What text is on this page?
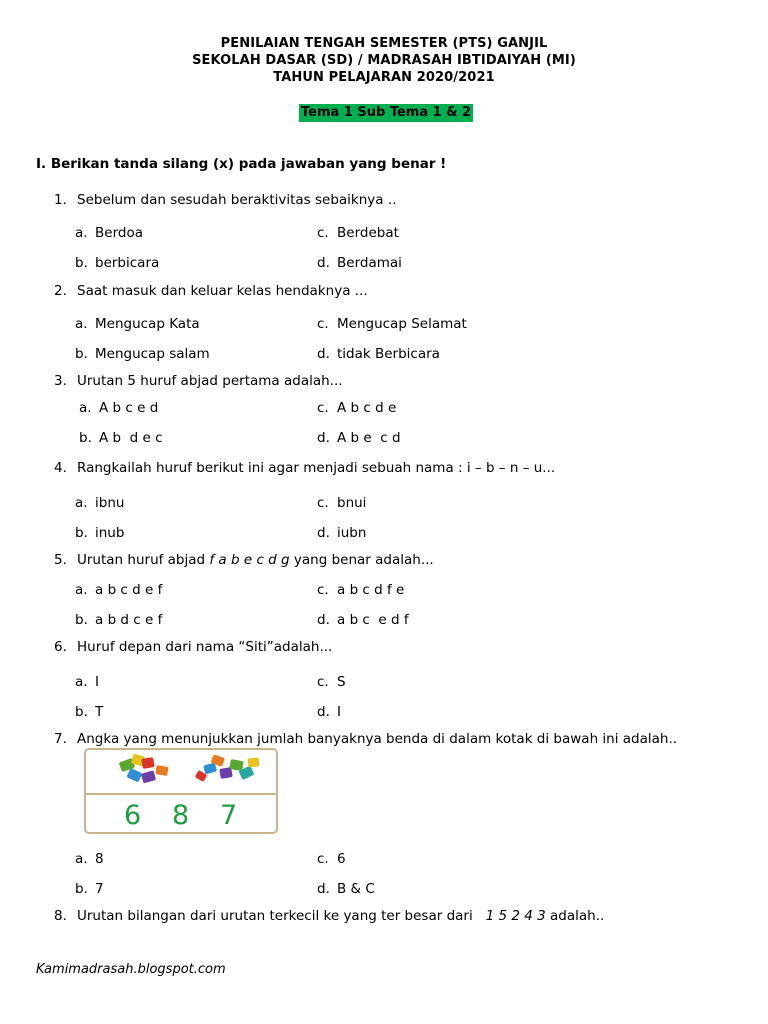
PENILAIAN TENGAH SEMESTER (PTS) GANJIL
SEKOLAH DASAR (SD) / MADRASAH IBTIDAIYAH (MI)
TAHUN PELAJARAN 2020/2021
Tema 1 Sub Tema 1 & 2
I. Berikan tanda silang (x) pada jawaban yang benar !
1. Sebelum dan sesudah beraktivitas sebaiknya ..
a. Berdoa	c. Berdebat
b. berbicara	d. Berdamai
2. Saat masuk dan keluar kelas hendaknya ...
a. Mengucap Kata	c. Mengucap Selamat
b. Mengucap salam	d. tidak Berbicara
3. Urutan 5 huruf abjad pertama adalah...
a. A b c e d	c. A b c d e
b. A b  d e c	d. A b e  c d
4. Rangkailah huruf berikut ini agar menjadi sebuah nama : i – b – n – u...
a. ibnu	c. bnui
b. inub	d. iubn
5. Urutan huruf abjad f a b e c d g yang benar adalah...
a. a b c d e f	c. a b c d f e
b. a b d c e f	d. a b c  e d f
6. Huruf depan dari nama “Siti”adalah...
a. I	c. S
b. T	d. I
7. Angka yang menunjukkan jumlah banyaknya benda di dalam kotak di bawah ini adalah..
6 8 7
a. 8	c. 6
b. 7	d. B & C
8. Urutan bilangan dari urutan terkecil ke yang ter besar dari   1 5 2 4 3 adalah..
Kamimadrasah.blogspot.com
